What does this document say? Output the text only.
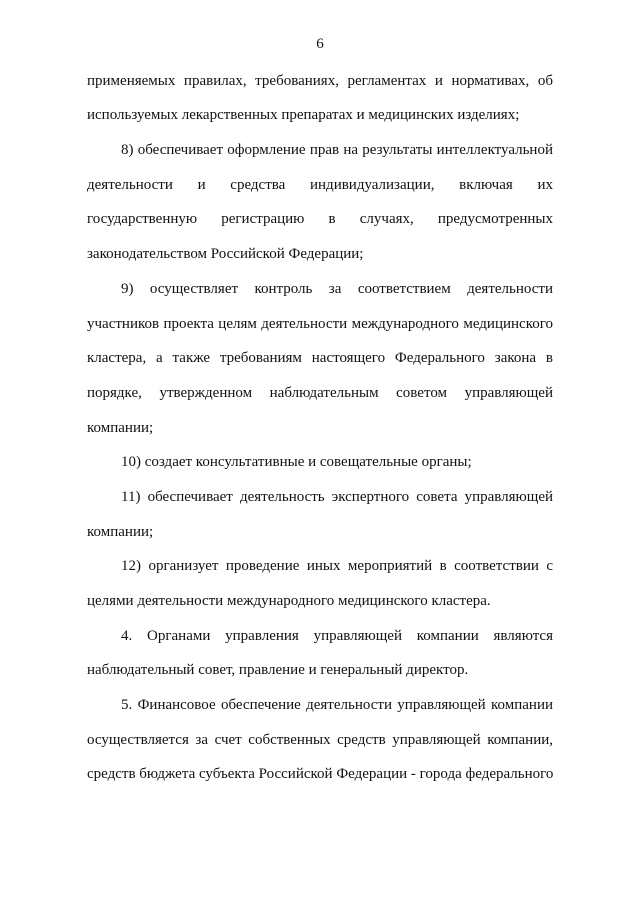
6
применяемых правилах, требованиях, регламентах и нормативах, об
используемых лекарственных препаратах и медицинских изделиях;
8) обеспечивает оформление прав на результаты интеллектуальной
деятельности и средства индивидуализации, включая их
государственную регистрацию в случаях, предусмотренных
законодательством Российской Федерации;
9) осуществляет контроль за соответствием деятельности
участников проекта целям деятельности международного медицинского
кластера, а также требованиям настоящего Федерального закона в
порядке, утвержденном наблюдательным советом управляющей
компании;
10) создает консультативные и совещательные органы;
11) обеспечивает деятельность экспертного совета управляющей
компании;
12) организует проведение иных мероприятий в соответствии с
целями деятельности международного медицинского кластера.
4. Органами управления управляющей компании являются
наблюдательный совет, правление и генеральный директор.
5. Финансовое обеспечение деятельности управляющей компании
осуществляется за счет собственных средств управляющей компании,
средств бюджета субъекта Российской Федерации - города федерального
